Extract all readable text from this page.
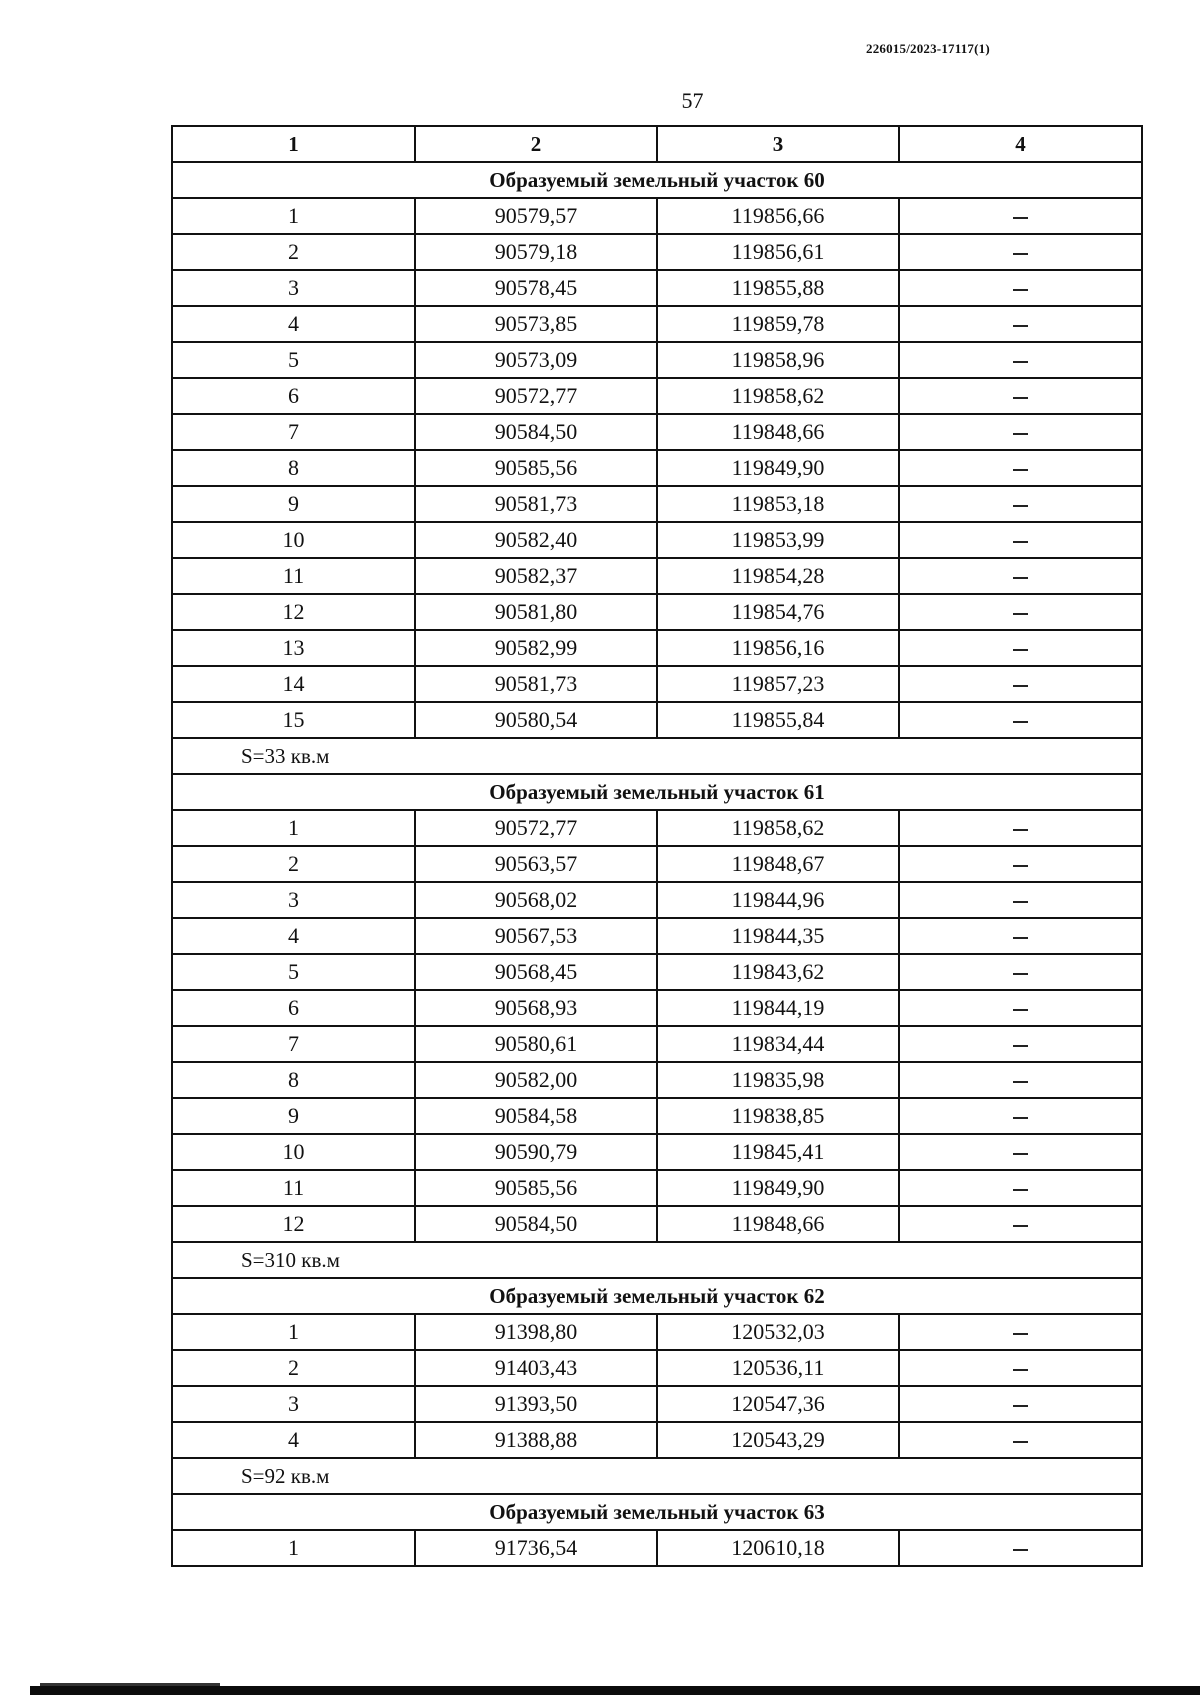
226015/2023-17117(1)
57
1	2	3	4
Образуемый земельный участок 60			
1	90579,57	119856,66	
2	90579,18	119856,61	
3	90578,45	119855,88	
4	90573,85	119859,78	
5	90573,09	119858,96	
6	90572,77	119858,62	
7	90584,50	119848,66	
8	90585,56	119849,90	
9	90581,73	119853,18	
10	90582,40	119853,99	
11	90582,37	119854,28	
12	90581,80	119854,76	
13	90582,99	119856,16	
14	90581,73	119857,23	
15	90580,54	119855,84	
S=33 кв.м			
Образуемый земельный участок 61			
1	90572,77	119858,62	
2	90563,57	119848,67	
3	90568,02	119844,96	
4	90567,53	119844,35	
5	90568,45	119843,62	
6	90568,93	119844,19	
7	90580,61	119834,44	
8	90582,00	119835,98	
9	90584,58	119838,85	
10	90590,79	119845,41	
11	90585,56	119849,90	
12	90584,50	119848,66	
S=310 кв.м			
Образуемый земельный участок 62			
1	91398,80	120532,03	
2	91403,43	120536,11	
3	91393,50	120547,36	
4	91388,88	120543,29	
S=92 кв.м			
Образуемый земельный участок 63			
1	91736,54	120610,18	
